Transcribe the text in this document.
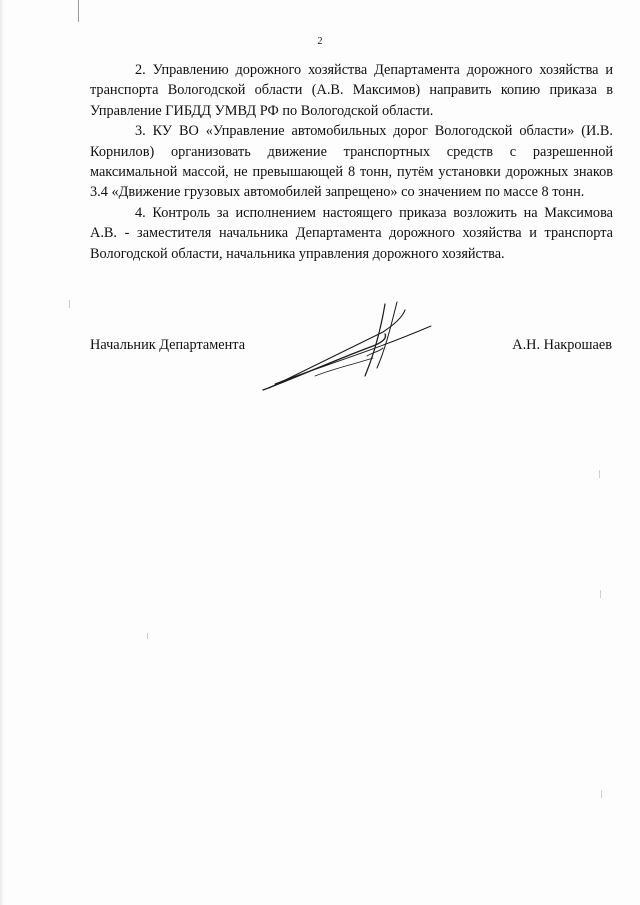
2

2. Управлению дорожного хозяйства Департамента дорожного хозяйства и транспорта Вологодской области (А.В. Максимов) направить копию приказа в Управление ГИБДД УМВД РФ по Вологодской области.

3. КУ ВО «Управление автомобильных дорог Вологодской области» (И.В. Корнилов) организовать движение транспортных средств с разрешенной максимальной массой, не превышающей 8 тонн, путём установки дорожных знаков 3.4 «Движение грузовых автомобилей запрещено» со значением по массе 8 тонн.

4. Контроль за исполнением настоящего приказа возложить на Максимова А.В. - заместителя начальника Департамента дорожного хозяйства и транспорта Вологодской области, начальника управления дорожного хозяйства.

Начальник Департамента	А.Н. Накрошаев
